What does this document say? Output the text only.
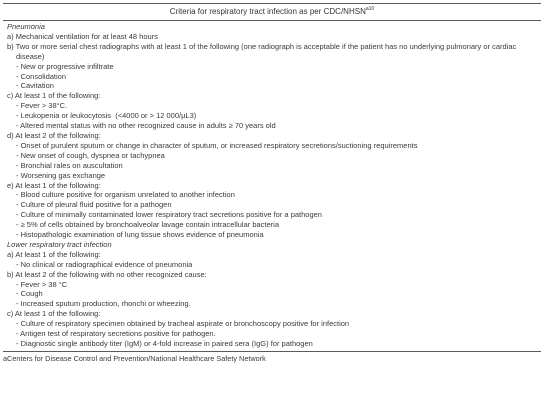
Criteria for respiratory tract infection as per CDC/$NHSN^{a10}$
Pneumonia
a) Mechanical ventilation for at least 48 hours
b) Two or more serial chest radiographs with at least 1 of the following (one radiograph is acceptable if the patient has no underlying pulmonary or cardiac disease)
- New or progressive infiltrate
- Consolidation
- Cavitation
c) At least 1 of the following:
- Fever > 38°C.
- Leukopenia or leukocytosis  (<4000 or > 12 000/μL3)
- Altered mental status with no other recognized cause in adults ≥ 70 years old
d) At least 2 of the following:
- Onset of purulent sputum or change in character of sputum, or increased respiratory secretions/suctioning requirements
- New onset of cough, dyspnea or tachypnea
- Bronchial rales on auscultation
- Worsening gas exchange
e) At least 1 of the following:
- Blood culture positive for organism unrelated to another infection
- Culture of pleural fluid positive for a pathogen
- Culture of minimally contaminated lower respiratory tract secretions positive for a pathogen
- ≥ 5% of cells obtained by bronchoalveolar lavage contain intracellular bacteria
- Histopathologic examination of lung tissue shows evidence of pneumonia
Lower respiratory tract infection
a) At least 1 of the following:
- No clinical or radiographical evidence of pneumonia
b) At least 2 of the following with no other recognized cause:
- Fever > 38 °C
- Cough
- Increased sputum production, rhonchi or wheezing.
c) At least 1 of the following:
- Culture of respiratory specimen obtained by tracheal aspirate or bronchoscopy positive for infection
- Antigen test of respiratory secretions positive for pathogen.
- Diagnostic single antibody titer (IgM) or 4-fold increase in paired sera (IgG) for pathogen
aCenters for Disease Control and Prevention/National Healthcare Safety Network
